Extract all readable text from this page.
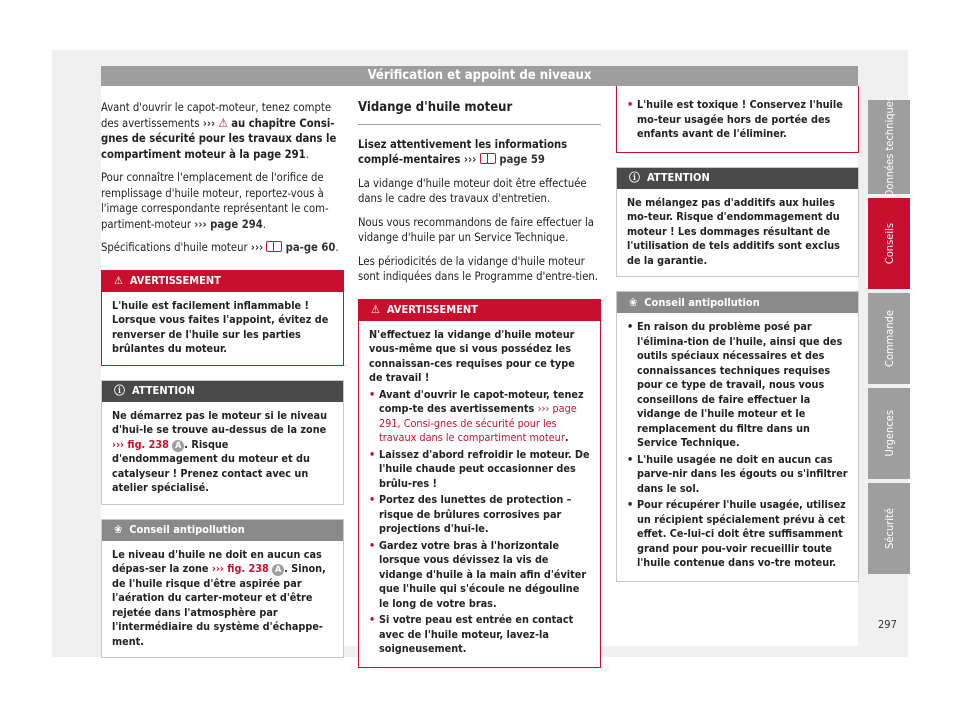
Vérification et appoint de niveaux

Avant d'ouvrir le capot-moteur, tenez compte des avertissements ››› ⚠ au chapitre Consi-gnes de sécurité pour les travaux dans le compartiment moteur à la page 291.

Pour connaître l'emplacement de l'orifice de remplissage d'huile moteur, reportez-vous à l'image correspondante représentant le com-partiment-moteur ››› page 294.

Spécifications d'huile moteur ››› pa-ge 60.

⚠ AVERTISSEMENT
L'huile est facilement inflammable ! Lorsque vous faites l'appoint, évitez de renverser de l'huile sur les parties brûlantes du moteur.
ⓘ ATTENTION
Ne démarrez pas le moteur si le niveau d'hui-le se trouve au-dessus de la zone ››› fig. 238 A . Risque d'endommagement du moteur et du catalyseur ! Prenez contact avec un atelier spécialisé.
❀ Conseil antipollution
Le niveau d'huile ne doit en aucun cas dépas-ser la zone ››› fig. 238 A . Sinon, de l'huile risque d'être aspirée par l'aération du carter-moteur et d'être rejetée dans l'atmosphère par l'intermédiaire du système d'échappe-ment.
Vidange d'huile moteur

Lisez attentivement les informations complé-mentaires ››› page 59

La vidange d'huile moteur doit être effectuée dans le cadre des travaux d'entretien.

Nous vous recommandons de faire effectuer la vidange d'huile par un Service Technique.

Les périodicités de la vidange d'huile moteur sont indiquées dans le Programme d'entre-tien.

⚠ AVERTISSEMENT
N'effectuez la vidange d'huile moteur vous-même que si vous possédez les connaissan-ces requises pour ce type de travail !
• Avant d'ouvrir le capot-moteur, tenez comp-te des avertissements ››› page 291, Consi-gnes de sécurité pour les travaux dans le compartiment moteur.
• Laissez d'abord refroidir le moteur. De l'huile chaude peut occasionner des brûlu-res !
• Portez des lunettes de protection – risque de brûlures corrosives par projections d'hui-le.
• Gardez votre bras à l'horizontale lorsque vous dévissez la vis de vidange d'huile à la main afin d'éviter que l'huile qui s'écoule ne dégouline le long de votre bras.
• Si votre peau est entrée en contact avec de l'huile moteur, lavez-la soigneusement.
• L'huile est toxique ! Conservez l'huile mo-teur usagée hors de portée des enfants avant de l'éliminer.
ⓘ ATTENTION
Ne mélangez pas d'additifs aux huiles mo-teur. Risque d'endommagement du moteur ! Les dommages résultant de l'utilisation de tels additifs sont exclus de la garantie.
❀ Conseil antipollution
• En raison du problème posé par l'élimina-tion de l'huile, ainsi que des outils spéciaux nécessaires et des connaissances techniques requises pour ce type de travail, nous vous conseillons de faire effectuer la vidange de l'huile moteur et le remplacement du filtre dans un Service Technique.
• L'huile usagée ne doit en aucun cas parve-nir dans les égouts ou s'infiltrer dans le sol.
• Pour récupérer l'huile usagée, utilisez un récipient spécialement prévu à cet effet. Ce-lui-ci doit être suffisamment grand pour pou-voir recueillir toute l'huile contenue dans vo-tre moteur.
Données techniques
Conseils
Commande
Urgences
Sécurité
297
